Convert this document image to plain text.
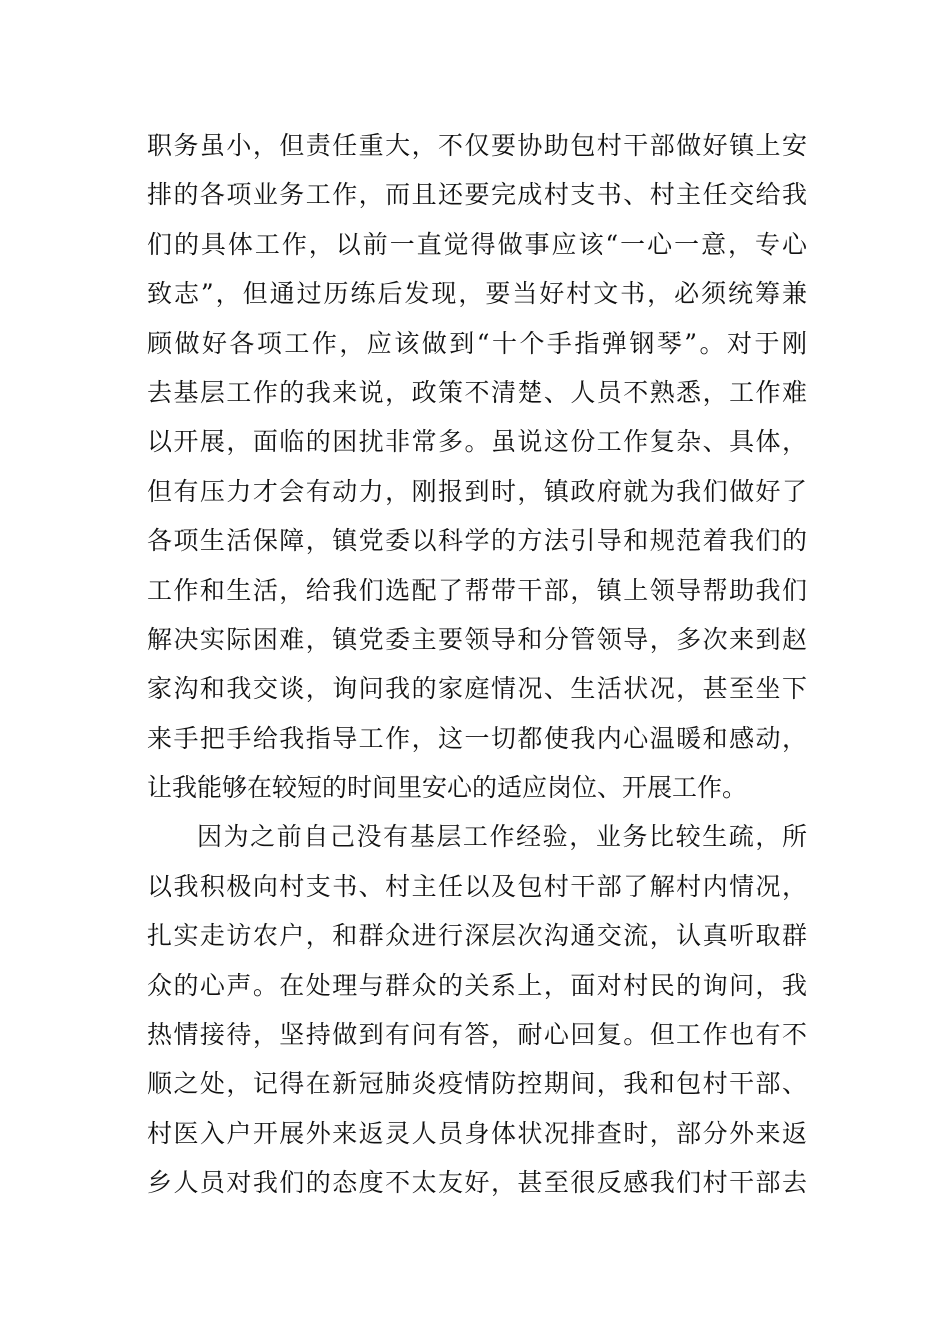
职务虽小，但责任重大，不仅要协助包村干部做好镇上安
排的各项业务工作，而且还要完成村支书、村主任交给我
们的具体工作，以前一直觉得做事应该“一心一意，专心
致志”，但通过历练后发现，要当好村文书，必须统筹兼
顾做好各项工作，应该做到“十个手指弹钢琴”。对于刚
去基层工作的我来说，政策不清楚、人员不熟悉，工作难
以开展，面临的困扰非常多。虽说这份工作复杂、具体，
但有压力才会有动力，刚报到时，镇政府就为我们做好了
各项生活保障，镇党委以科学的方法引导和规范着我们的
工作和生活，给我们选配了帮带干部，镇上领导帮助我们
解决实际困难，镇党委主要领导和分管领导，多次来到赵
家沟和我交谈，询问我的家庭情况、生活状况，甚至坐下
来手把手给我指导工作，这一切都使我内心温暖和感动，
让我能够在较短的时间里安心的适应岗位、开展工作。
因为之前自己没有基层工作经验，业务比较生疏，所
以我积极向村支书、村主任以及包村干部了解村内情况，
扎实走访农户，和群众进行深层次沟通交流，认真听取群
众的心声。在处理与群众的关系上，面对村民的询问，我
热情接待，坚持做到有问有答，耐心回复。但工作也有不
顺之处，记得在新冠肺炎疫情防控期间，我和包村干部、
村医入户开展外来返灵人员身体状况排查时，部分外来返
乡人员对我们的态度不太友好，甚至很反感我们村干部去
